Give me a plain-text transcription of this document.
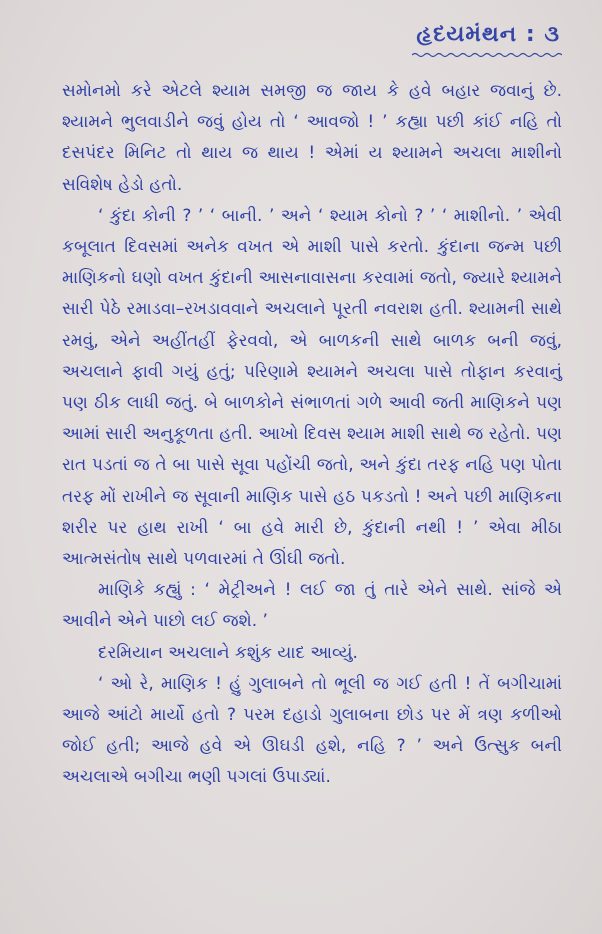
હૃદયમંથન : ૩

સમોનમો કરે એટલે શ્યામ સમજી જ જાય કે હવે બહાર જવાનું છે. શ્યામને ભુલવાડીને જવું હોય તો ‘ આવજો ! ’ કહ્યા પછી કાંઈ નહિ તો દસપંદર મિનિટ તો થાય જ થાય ! એમાં ય શ્યામને અચલા માશીનો સવિશેષ હેડો હતો.

‘ કુંદા કોની ? ’ ‘ બાની. ’ અને ‘ શ્યામ કોનો ? ’ ‘ માશીનો. ’ એવી કબૂલાત દિવસમાં અનેક વખત એ માશી પાસે કરતો. કુંદાના જન્મ પછી માણિકનો ઘણો વખત કુંદાની આસનાવાસના કરવામાં જતો, જ્યારે શ્યામને સારી પેઠે રમાડવા–રખડાવવાને અચલાને પૂરતી નવરાશ હતી. શ્યામની સાથે રમવું, એને અહીંતહીં ફેરવવો, એ બાળકની સાથે બાળક બની જવું, અચલાને ફાવી ગયું હતું; પરિણામે શ્યામને અચલા પાસે તોફાન કરવાનું પણ ઠીક લાધી જતું. બે બાળકોને સંભાળતાં ગળે આવી જતી માણિકને પણ આમાં સારી અનુકૂળતા હતી. આખો દિવસ શ્યામ માશી સાથે જ રહેતો. પણ રાત પડતાં જ તે બા પાસે સૂવા પહોંચી જતો, અને કુંદા તરફ નહિ પણ પોતા તરફ મોં રાખીને જ સૂવાની માણિક પાસે હઠ પકડતો ! અને પછી માણિકના શરીર પર હાથ રાખી ‘ બા હવે મારી છે, કુંદાની નથી ! ’ એવા મીઠા આત્મસંતોષ સાથે પળવારમાં તે ઊંઘી જતો.

માણિકે કહ્યું : ‘ મેટ્રીઅને ! લઈ જા તું તારે એને સાથે. સાંજે એ આવીને એને પાછો લઈ જશે. ’

દરમિયાન અચલાને કશુંક યાદ આવ્યું.

‘ ઓ રે, માણિક ! હું ગુલાબને તો ભૂલી જ ગઈ હતી ! તેં બગીચામાં આજે આંટો માર્યો હતો ? પરમ દહાડો ગુલાબના છોડ પર મેં ત્રણ કળીઓ જોઈ હતી; આજે હવે એ ઊઘડી હશે, નહિ ? ’ અને ઉત્સુક બની અચલાએ બગીચા ભણી પગલાં ઉપાડ્યાં.
